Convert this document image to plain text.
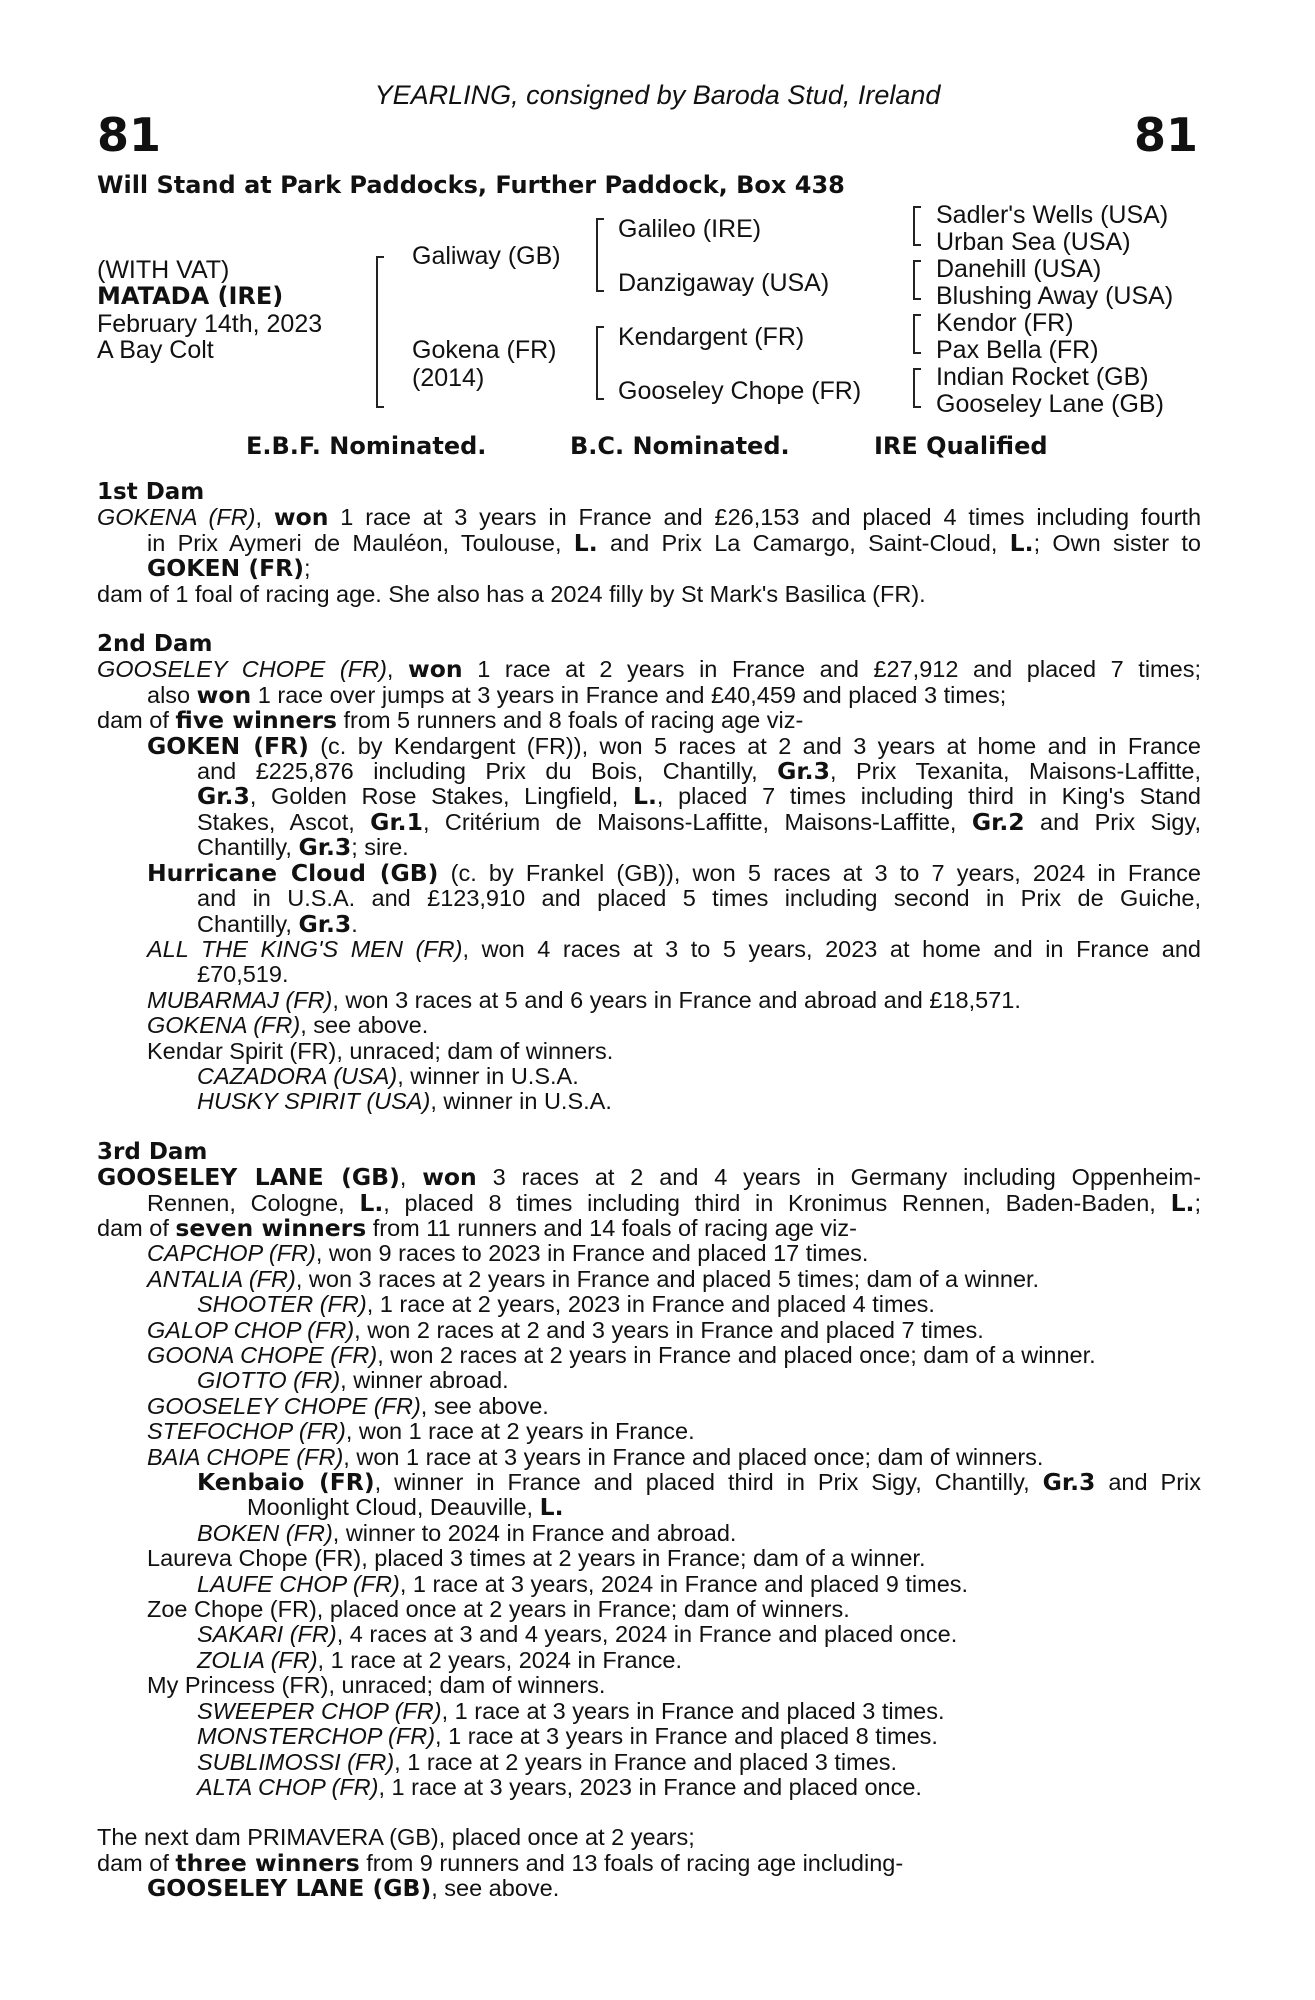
81	81
YEARLING, consigned by Baroda Stud, Ireland
Will Stand at Park Paddocks, Further Paddock, Box 438
(WITH VAT)
MATADA (IRE)
February 14th, 2023
A Bay Colt
Galiway (GB)
Gokena (FR)
(2014)
Galileo (IRE)
Danzigaway (USA)
Kendargent (FR)
Gooseley Chope (FR)
Sadler's Wells (USA)
Urban Sea (USA)
Danehill (USA)
Blushing Away (USA)
Kendor (FR)
Pax Bella (FR)
Indian Rocket (GB)
Gooseley Lane (GB)
E.B.F. Nominated.	B.C. Nominated.	IRE Qualified
1st Dam
GOKENA (FR), won 1 race at 3 years in France and £26,153 and placed 4 times including fourth
in Prix Aymeri de Mauléon, Toulouse, L. and Prix La Camargo, Saint-Cloud, L.; Own sister to
GOKEN (FR);
dam of 1 foal of racing age. She also has a 2024 filly by St Mark's Basilica (FR).
2nd Dam
GOOSELEY CHOPE (FR), won 1 race at 2 years in France and £27,912 and placed 7 times;
also won 1 race over jumps at 3 years in France and £40,459 and placed 3 times;
dam of five winners from 5 runners and 8 foals of racing age viz-
GOKEN (FR) (c. by Kendargent (FR)), won 5 races at 2 and 3 years at home and in France
and £225,876 including Prix du Bois, Chantilly, Gr.3, Prix Texanita, Maisons-Laffitte,
Gr.3, Golden Rose Stakes, Lingfield, L., placed 7 times including third in King's Stand
Stakes, Ascot, Gr.1, Critérium de Maisons-Laffitte, Maisons-Laffitte, Gr.2 and Prix Sigy,
Chantilly, Gr.3; sire.
Hurricane Cloud (GB) (c. by Frankel (GB)), won 5 races at 3 to 7 years, 2024 in France
and in U.S.A. and £123,910 and placed 5 times including second in Prix de Guiche,
Chantilly, Gr.3.
ALL THE KING'S MEN (FR), won 4 races at 3 to 5 years, 2023 at home and in France and
£70,519.
MUBARMAJ (FR), won 3 races at 5 and 6 years in France and abroad and £18,571.
GOKENA (FR), see above.
Kendar Spirit (FR), unraced; dam of winners.
CAZADORA (USA), winner in U.S.A.
HUSKY SPIRIT (USA), winner in U.S.A.
3rd Dam
GOOSELEY LANE (GB), won 3 races at 2 and 4 years in Germany including Oppenheim-
Rennen, Cologne, L., placed 8 times including third in Kronimus Rennen, Baden-Baden, L.;
dam of seven winners from 11 runners and 14 foals of racing age viz-
CAPCHOP (FR), won 9 races to 2023 in France and placed 17 times.
ANTALIA (FR), won 3 races at 2 years in France and placed 5 times; dam of a winner.
SHOOTER (FR), 1 race at 2 years, 2023 in France and placed 4 times.
GALOP CHOP (FR), won 2 races at 2 and 3 years in France and placed 7 times.
GOONA CHOPE (FR), won 2 races at 2 years in France and placed once; dam of a winner.
GIOTTO (FR), winner abroad.
GOOSELEY CHOPE (FR), see above.
STEFOCHOP (FR), won 1 race at 2 years in France.
BAIA CHOPE (FR), won 1 race at 3 years in France and placed once; dam of winners.
Kenbaio (FR), winner in France and placed third in Prix Sigy, Chantilly, Gr.3 and Prix
Moonlight Cloud, Deauville, L.
BOKEN (FR), winner to 2024 in France and abroad.
Laureva Chope (FR), placed 3 times at 2 years in France; dam of a winner.
LAUFE CHOP (FR), 1 race at 3 years, 2024 in France and placed 9 times.
Zoe Chope (FR), placed once at 2 years in France; dam of winners.
SAKARI (FR), 4 races at 3 and 4 years, 2024 in France and placed once.
ZOLIA (FR), 1 race at 2 years, 2024 in France.
My Princess (FR), unraced; dam of winners.
SWEEPER CHOP (FR), 1 race at 3 years in France and placed 3 times.
MONSTERCHOP (FR), 1 race at 3 years in France and placed 8 times.
SUBLIMOSSI (FR), 1 race at 2 years in France and placed 3 times.
ALTA CHOP (FR), 1 race at 3 years, 2023 in France and placed once.
The next dam PRIMAVERA (GB), placed once at 2 years;
dam of three winners from 9 runners and 13 foals of racing age including-
GOOSELEY LANE (GB), see above.
